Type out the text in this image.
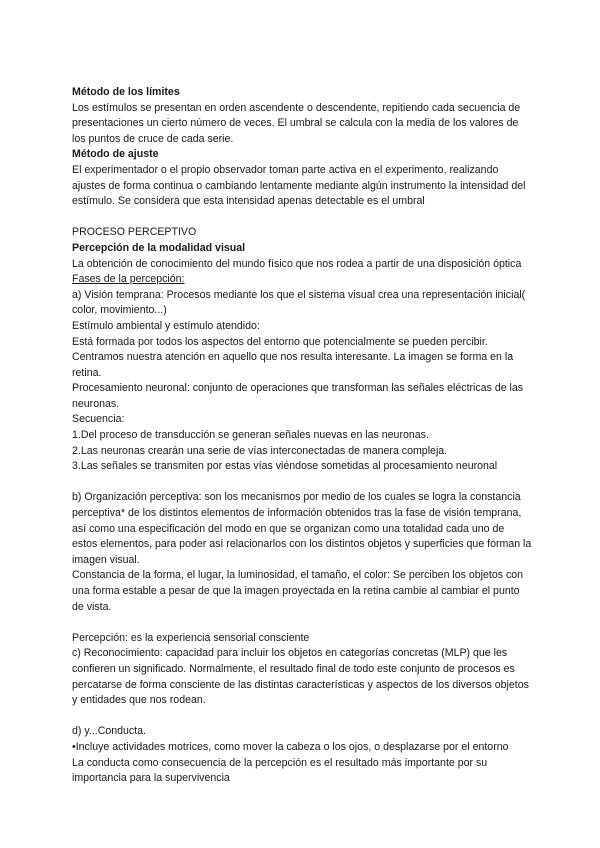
Método de los límites

Los estímulos se presentan en orden ascendente o descendente, repitiendo cada secuencia de presentaciones un cierto número de veces. El umbral se calcula con la media de los valores de los puntos de cruce de cada serie.

Método de ajuste

El experimentador o el propio observador toman parte activa en el experimento, realizando ajustes de forma continua o cambiando lentamente mediante algún instrumento la intensidad del estímulo. Se considera que esta intensidad apenas detectable es el umbral

PROCESO PERCEPTIVO

Percepción de la modalidad visual

La obtención de conocimiento del mundo físico que nos rodea a partir de una disposición óptica

Fases de la percepción:

a) Visión temprana: Procesos mediante los que el sistema visual crea una representación inicial( color, movimiento...)

Estímulo ambiental y estímulo atendido:

Está formada por todos los aspectos del entorno que potencialmente se pueden percibir. Centramos nuestra atención en aquello que nos resulta interesante. La imagen se forma en la retina.

Procesamiento neuronal: conjunto de operaciones que transforman las señales eléctricas de las neuronas.

Secuencia:

1.Del proceso de transducción se generan señales nuevas en las neuronas.

2.Las neuronas crearán una serie de vías interconectadas de manera compleja.

3.Las señales se transmiten por estas vías viéndose sometidas al procesamiento neuronal

b) Organización perceptiva: son los mecanismos por medio de los cuales se logra la constancia perceptiva* de los distintos elementos de información obtenidos tras la fase de visión temprana, así como una especificación del modo en que se organizan como una totalidad cada uno de estos elementos, para poder así relacionarlos con los distintos objetos y superficies que forman la imagen visual.

Constancia de la forma, el lugar, la luminosidad, el tamaño, el color: Se perciben los objetos con una forma estable a pesar de que la imagen proyectada en la retina cambie al cambiar el punto de vista.

Percepción: es la experiencia sensorial consciente

c) Reconocimiento: capacidad para incluir los objetos en categorías concretas (MLP) que les confieren un significado. Normalmente, el resultado final de todo este conjunto de procesos es percatarse de forma consciente de las distintas características y aspectos de los diversos objetos y entidades que nos rodean.

d) y...Conducta.

•Incluye actividades motrices, como mover la cabeza o los ojos, o desplazarse por el entorno

La conducta como consecuencia de la percepción es el resultado más importante por su importancia para la supervivencia
